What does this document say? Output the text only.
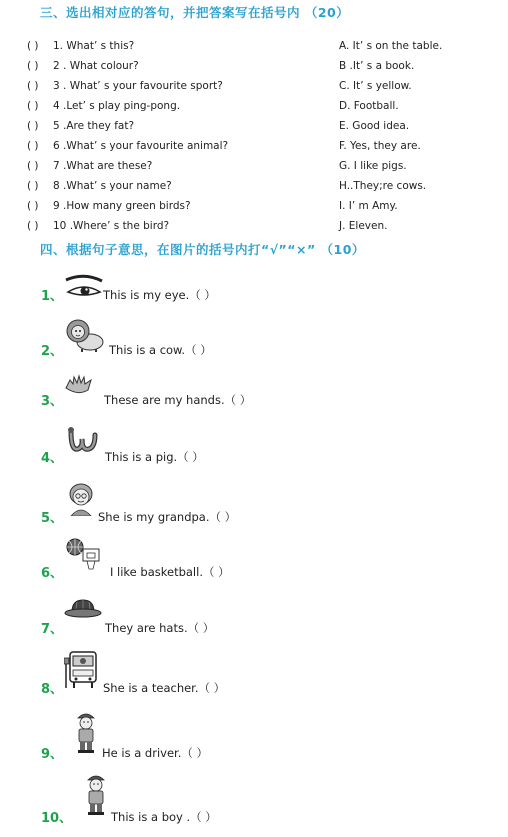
三、选出相对应的答句，并把答案写在括号内 （20）
( ) 1. What’ s this?	A. It’ s on the table.
( ) 2 . What colour?	B .It’ s a book.
( ) 3 . What’ s your favourite sport?	C. It’ s yellow.
( ) 4 .Let’ s play ping-pong.	D. Football.
( ) 5 .Are they fat?	E. Good idea.
( ) 6 .What’ s your favourite animal?	F. Yes, they are.
( ) 7 .What are these?	G. I like pigs.
( ) 8 .What’ s your name?	H..They;re cows.
( ) 9 .How many green birds?	I. I’ m Amy.
( ) 10 .Where’ s the bird?	J. Eleven.
四、根据句子意思，在图片的括号内打“√”“×” （10）
1、	This is my eye.（ ）
2、	This is a cow.（ ）
3、	These are my hands.（ ）
4、	This is a pig.（ ）
5、	She is my grandpa.（ ）
6、	I like basketball.（ ）
7、	They are hats.（ ）
8、	She is a teacher.（ ）
9、	He is a driver.（ ）
10、	This is a boy .（ ）
